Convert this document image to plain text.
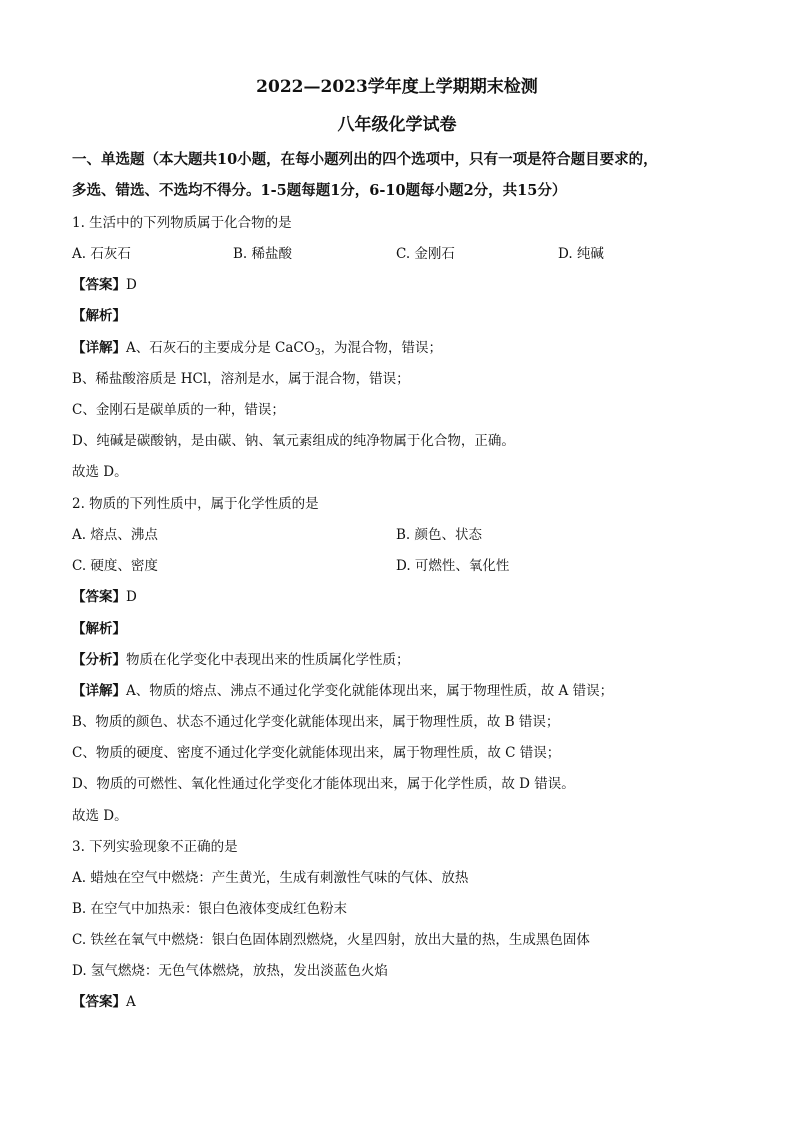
2022—2023学年度上学期期末检测
八年级化学试卷
一、单选题（本大题共10小题，在每小题列出的四个选项中，只有一项是符合题目要求的，
多选、错选、不选均不得分。1-5题每题1分，6-10题每小题2分，共15分）
1. 生活中的下列物质属于化合物的是
A. 石灰石	B. 稀盐酸	C. 金刚石	D. 纯碱
【答案】D
【解析】
【详解】A、石灰石的主要成分是 CaCO$_3$，为混合物，错误；
B、稀盐酸溶质是 HCl，溶剂是水，属于混合物，错误；
C、金刚石是碳单质的一种，错误；
D、纯碱是碳酸钠，是由碳、钠、氧元素组成的纯净物属于化合物，正确。
故选 D。
2. 物质的下列性质中，属于化学性质的是
A. 熔点、沸点	B. 颜色、状态
C. 硬度、密度	D. 可燃性、氧化性
【答案】D
【解析】
【分析】物质在化学变化中表现出来的性质属化学性质；
【详解】A、物质的熔点、沸点不通过化学变化就能体现出来，属于物理性质，故 A 错误；
B、物质的颜色、状态不通过化学变化就能体现出来，属于物理性质，故 B 错误；
C、物质的硬度、密度不通过化学变化就能体现出来，属于物理性质，故 C 错误；
D、物质的可燃性、氧化性通过化学变化才能体现出来，属于化学性质，故 D 错误。
故选 D。
3. 下列实验现象不正确的是
A. 蜡烛在空气中燃烧：产生黄光，生成有刺激性气味的气体、放热
B. 在空气中加热汞：银白色液体变成红色粉末
C. 铁丝在氧气中燃烧：银白色固体剧烈燃烧，火星四射，放出大量的热，生成黑色固体
D. 氢气燃烧：无色气体燃烧，放热，发出淡蓝色火焰
【答案】A
